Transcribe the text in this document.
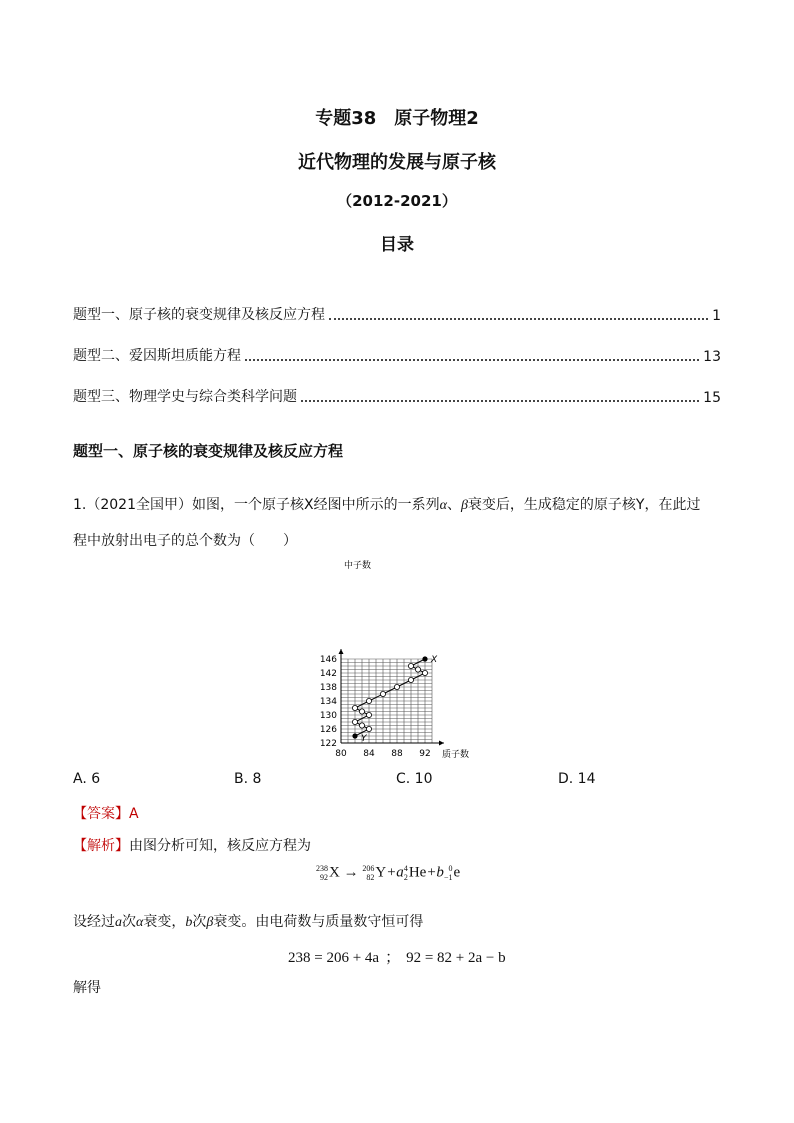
专题38　原子物理2
近代物理的发展与原子核
（2012-2021）
目录
题型一、原子核的衰变规律及核反应方程	1
题型二、爱因斯坦质能方程	13
题型三、物理学史与综合类科学问题	15
题型一、原子核的衰变规律及核反应方程
1.（2021全国甲）如图，一个原子核X经图中所示的一系列α、β衰变后，生成稳定的原子核Y，在此过
程中放射出电子的总个数为（　　）
80 84 88 92
122
126
130
134
138
142
146	X
Y
中子数
质子数
A. 6	B. 8	C. 10	D. 14
【答案】A
【解析】由图分析可知，核反应方程为
238
92 X → 206
82 Y+a 4
2 He+b 0
−1 e
设经过a次α衰变，b次β衰变。由电荷数与质量数守恒可得
238 = 206 + 4a ； 92 = 82 + 2a − b
解得
